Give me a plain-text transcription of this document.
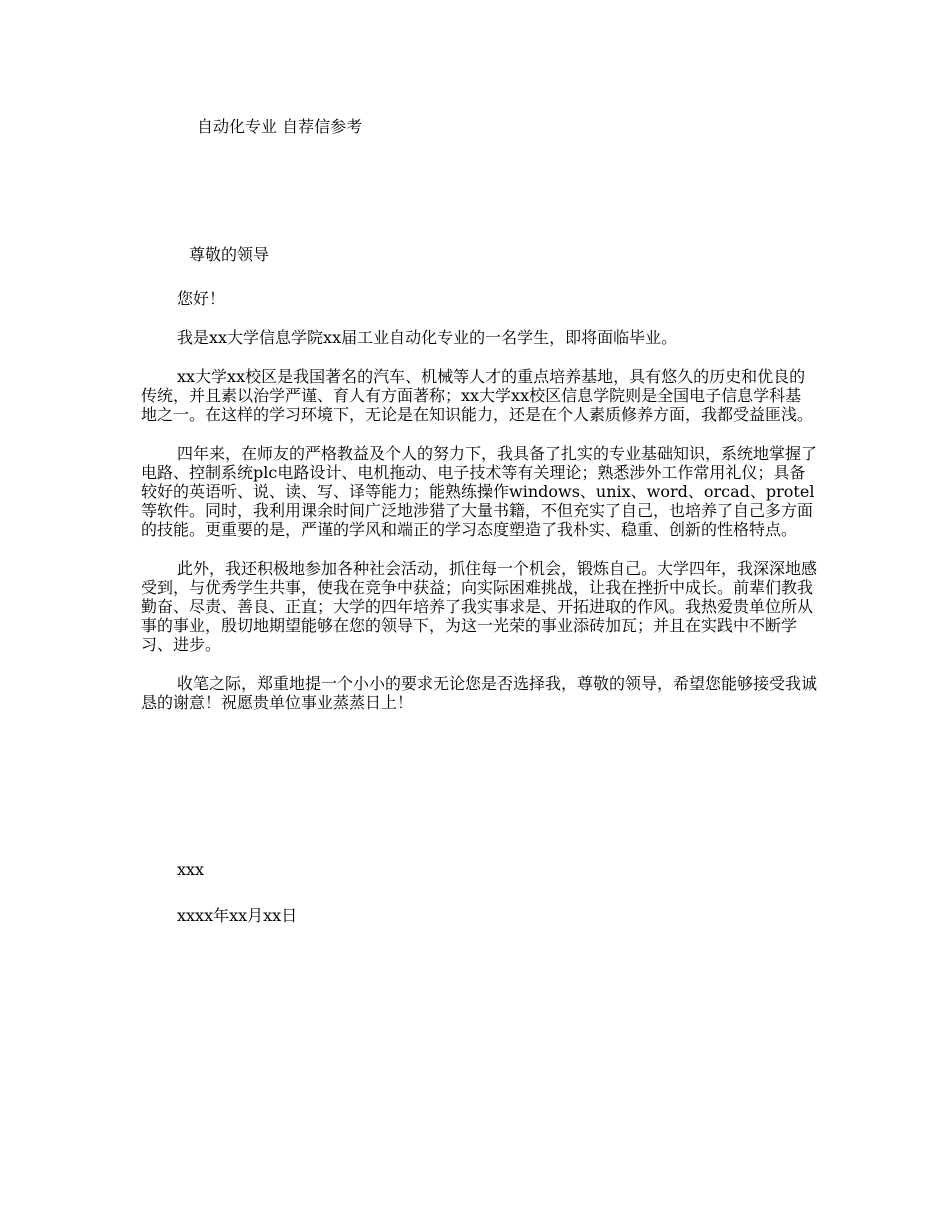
自动化专业 自荐信参考

尊敬的领导

您好！

我是xx大学信息学院xx届工业自动化专业的一名学生，即将面临毕业。

xx大学xx校区是我国著名的汽车、机械等人才的重点培养基地，具有悠久的历史和优良的传统，并且素以治学严谨、育人有方面著称；xx大学xx校区信息学院则是全国电子信息学科基地之一。在这样的学习环境下，无论是在知识能力，还是在个人素质修养方面，我都受益匪浅。

四年来，在师友的严格教益及个人的努力下，我具备了扎实的专业基础知识，系统地掌握了电路、控制系统plc电路设计、电机拖动、电子技术等有关理论；熟悉涉外工作常用礼仪；具备较好的英语听、说、读、写、译等能力；能熟练操作windows、unix、word、orcad、protel等软件。同时，我利用课余时间广泛地涉猎了大量书籍，不但充实了自己，也培养了自己多方面的技能。更重要的是，严谨的学风和端正的学习态度塑造了我朴实、稳重、创新的性格特点。

此外，我还积极地参加各种社会活动，抓住每一个机会，锻炼自己。大学四年，我深深地感受到，与优秀学生共事，使我在竞争中获益；向实际困难挑战，让我在挫折中成长。前辈们教我勤奋、尽责、善良、正直；大学的四年培养了我实事求是、开拓进取的作风。我热爱贵单位所从事的事业，殷切地期望能够在您的领导下，为这一光荣的事业添砖加瓦；并且在实践中不断学习、进步。

收笔之际，郑重地提一个小小的要求无论您是否选择我，尊敬的领导，希望您能够接受我诚恳的谢意！祝愿贵单位事业蒸蒸日上！

xxx

xxxx年xx月xx日
